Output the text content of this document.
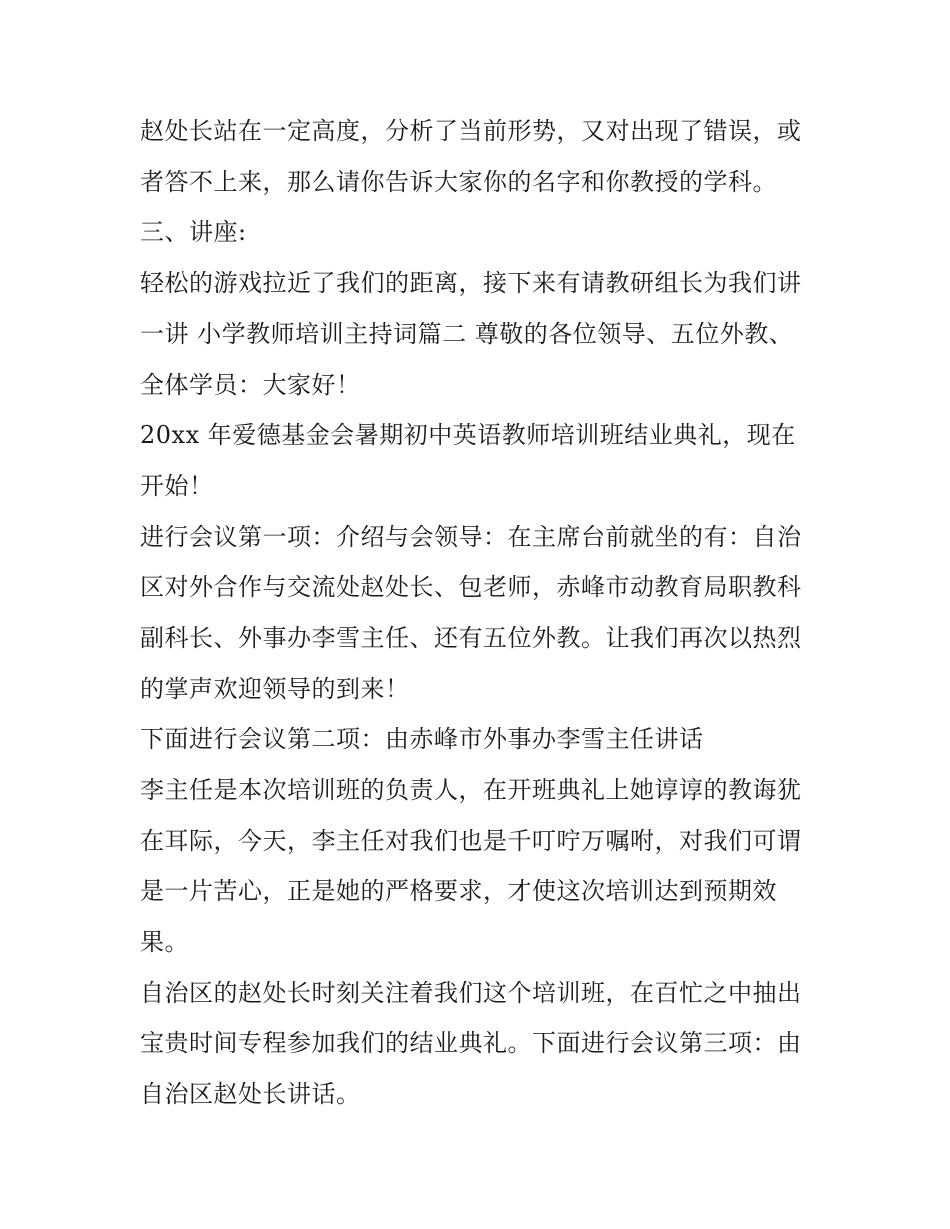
赵处长站在一定高度，分析了当前形势，又对出现了错误，或
者答不上来，那么请你告诉大家你的名字和你教授的学科。
三、讲座:
轻松的游戏拉近了我们的距离，接下来有请教研组长为我们讲
一讲 小学教师培训主持词篇二 尊敬的各位领导、五位外教、
全体学员：大家好！
20xx 年爱德基金会暑期初中英语教师培训班结业典礼，现在
开始！
进行会议第一项：介绍与会领导：在主席台前就坐的有：自治
区对外合作与交流处赵处长、包老师，赤峰市动教育局职教科
副科长、外事办李雪主任、还有五位外教。让我们再次以热烈
的掌声欢迎领导的到来！
下面进行会议第二项：由赤峰市外事办李雪主任讲话
李主任是本次培训班的负责人，在开班典礼上她谆谆的教诲犹
在耳际，今天，李主任对我们也是千叮咛万嘱咐，对我们可谓
是一片苦心，正是她的严格要求，才使这次培训达到预期效
果。
自治区的赵处长时刻关注着我们这个培训班，在百忙之中抽出
宝贵时间专程参加我们的结业典礼。下面进行会议第三项：由
自治区赵处长讲话。
